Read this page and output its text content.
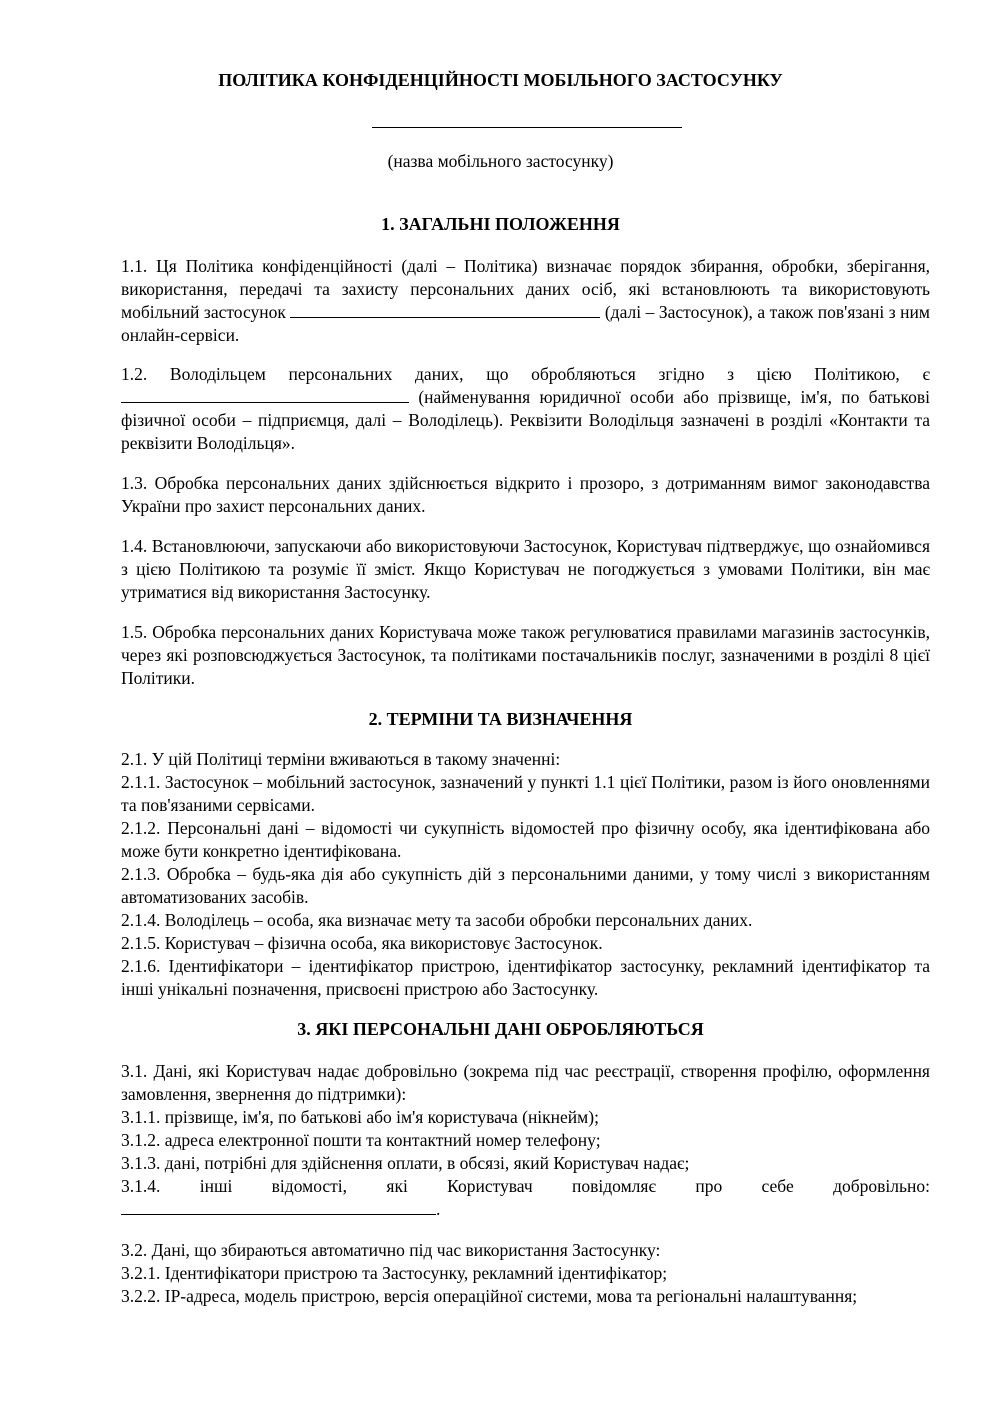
ПОЛІТИКА КОНФІДЕНЦІЙНОСТІ МОБІЛЬНОГО ЗАСТОСУНКУ
(назва мобільного застосунку)
1. ЗАГАЛЬНІ ПОЛОЖЕННЯ
1.1. Ця Політика конфіденційності (далі – Політика) визначає порядок збирання, обробки, зберігання, використання, передачі та захисту персональних даних осіб, які встановлюють та використовують мобільний застосунок	(далі – Застосунок), а також пов'язані з ним онлайн-сервіси.
1.2. Володільцем персональних даних, що обробляються згідно з цією Політикою, є  (найменування юридичної особи або прізвище, ім'я, по батькові фізичної особи – підприємця, далі – Володілець). Реквізити Володільця зазначені в розділі «Контакти та реквізити Володільця».
1.3. Обробка персональних даних здійснюється відкрито і прозоро, з дотриманням вимог законодавства України про захист персональних даних.
1.4. Встановлюючи, запускаючи або використовуючи Застосунок, Користувач підтверджує, що ознайомився з цією Політикою та розуміє її зміст. Якщо Користувач не погоджується з умовами Політики, він має утриматися від використання Застосунку.
1.5. Обробка персональних даних Користувача може також регулюватися правилами магазинів застосунків, через які розповсюджується Застосунок, та політиками постачальників послуг, зазначеними в розділі 8 цієї Політики.
2. ТЕРМІНИ ТА ВИЗНАЧЕННЯ
2.1. У цій Політиці терміни вживаються в такому значенні:
2.1.1. Застосунок – мобільний застосунок, зазначений у пункті 1.1 цієї Політики, разом із його оновленнями та пов'язаними сервісами.
2.1.2. Персональні дані – відомості чи сукупність відомостей про фізичну особу, яка ідентифікована або може бути конкретно ідентифікована.
2.1.3. Обробка – будь-яка дія або сукупність дій з персональними даними, у тому числі з використанням автоматизованих засобів.
2.1.4. Володілець – особа, яка визначає мету та засоби обробки персональних даних.
2.1.5. Користувач – фізична особа, яка використовує Застосунок.
2.1.6. Ідентифікатори – ідентифікатор пристрою, ідентифікатор застосунку, рекламний ідентифікатор та інші унікальні позначення, присвоєні пристрою або Застосунку.
3. ЯКІ ПЕРСОНАЛЬНІ ДАНІ ОБРОБЛЯЮТЬСЯ
3.1. Дані, які Користувач надає добровільно (зокрема під час реєстрації, створення профілю, оформлення замовлення, звернення до підтримки):
3.1.1. прізвище, ім'я, по батькові або ім'я користувача (нікнейм);
3.1.2. адреса електронної пошти та контактний номер телефону;
3.1.3. дані, потрібні для здійснення оплати, в обсязі, який Користувач надає;
3.1.4. інші відомості, які Користувач повідомляє про себе добровільно:
.
3.2. Дані, що збираються автоматично під час використання Застосунку:
3.2.1. Ідентифікатори пристрою та Застосунку, рекламний ідентифікатор;
3.2.2. IP-адреса, модель пристрою, версія операційної системи, мова та регіональні налаштування;
